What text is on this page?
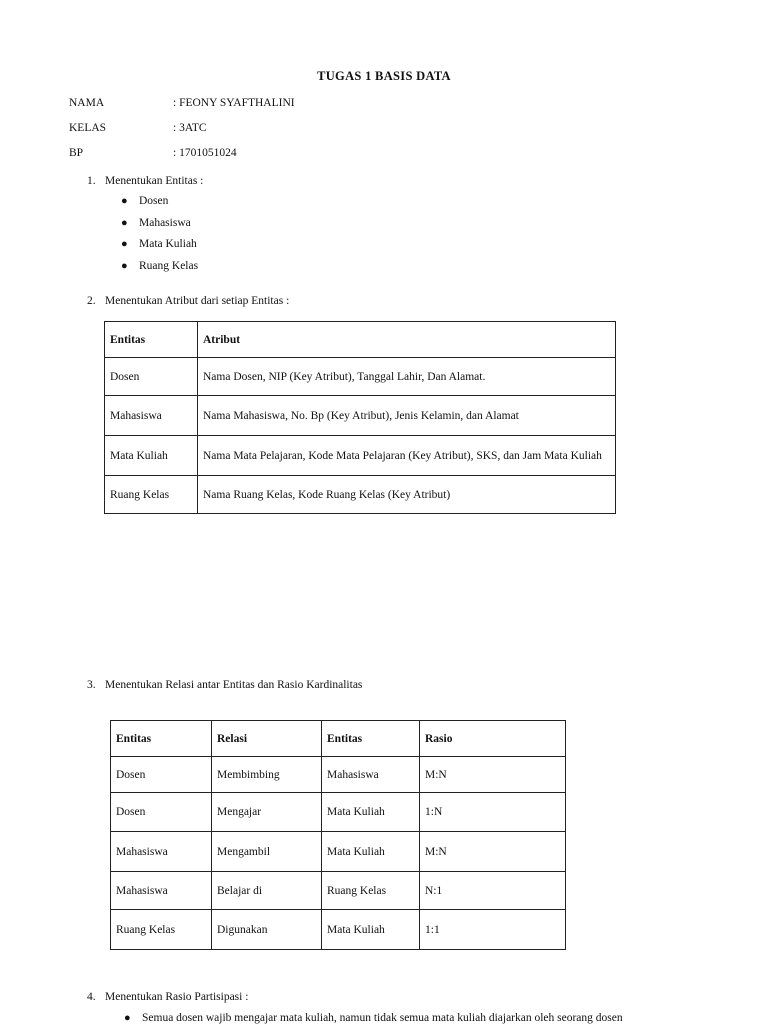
TUGAS 1 BASIS DATA
NAMA	: FEONY SYAFTHALINI
KELAS	: 3ATC
BP	: 1701051024
1. Menentukan Entitas :
● Dosen
● Mahasiswa
● Mata Kuliah
● Ruang Kelas
2. Menentukan Atribut dari setiap Entitas :
Entitas	Atribut
Dosen	Nama Dosen, NIP (Key Atribut), Tanggal Lahir, Dan Alamat.
Mahasiswa	Nama Mahasiswa, No. Bp (Key Atribut), Jenis Kelamin, dan Alamat
Mata Kuliah	Nama Mata Pelajaran, Kode Mata Pelajaran (Key Atribut), SKS, dan Jam Mata Kuliah
Ruang Kelas	Nama Ruang Kelas, Kode Ruang Kelas (Key Atribut)
3. Menentukan Relasi antar Entitas dan Rasio Kardinalitas
Entitas	Relasi	Entitas	Rasio
Dosen	Membimbing	Mahasiswa	M:N
Dosen	Mengajar	Mata Kuliah	1:N
Mahasiswa	Mengambil	Mata Kuliah	M:N
Mahasiswa	Belajar di	Ruang Kelas	N:1
Ruang Kelas	Digunakan	Mata Kuliah	1:1
4. Menentukan Rasio Partisipasi :
● Semua dosen wajib mengajar mata kuliah, namun tidak semua mata kuliah diajarkan oleh seorang dosen
